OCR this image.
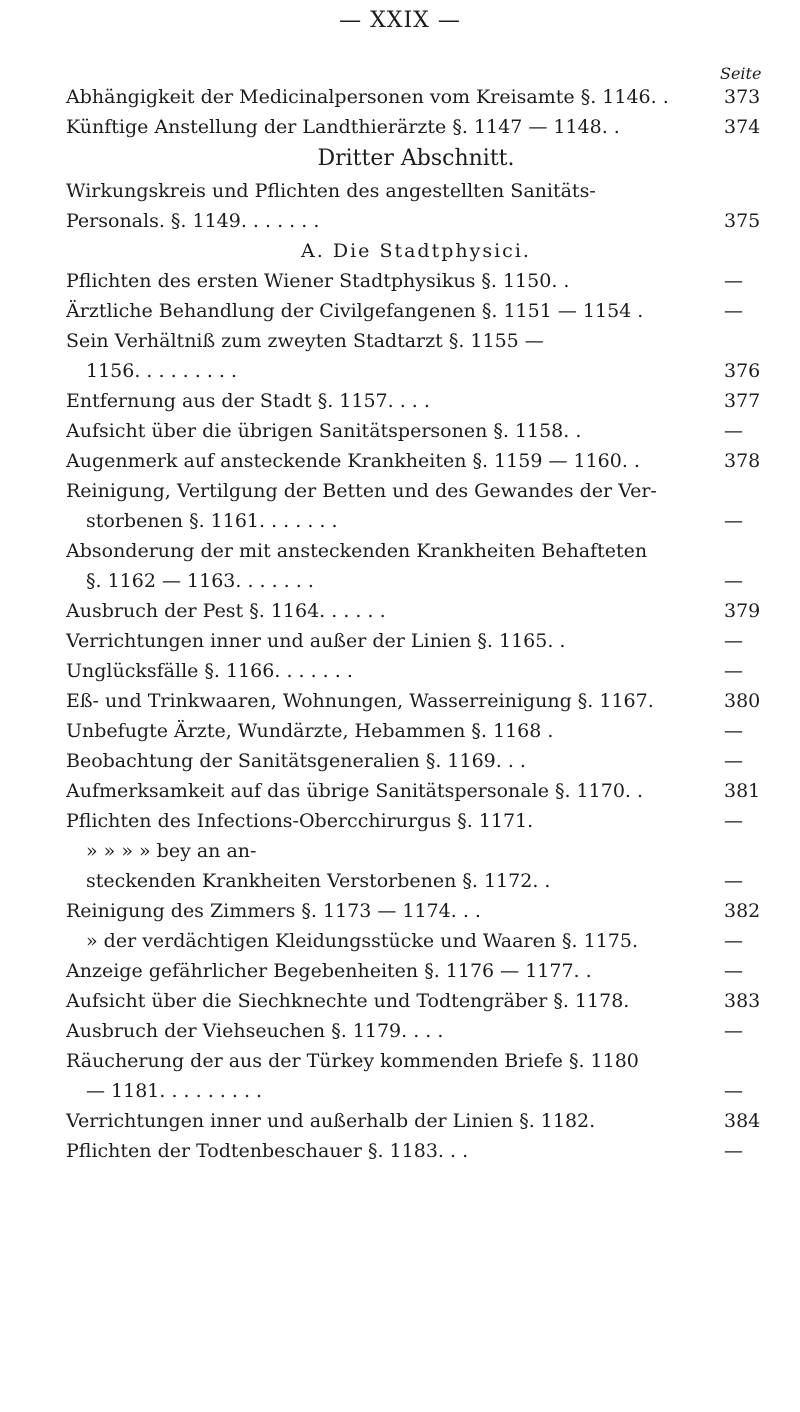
— XXIX —
Seite
Abhängigkeit der Medicinalpersonen vom Kreisamte §. 1146. .	373
Künftige Anstellung der Landthierärzte §. 1147 — 1148. .	374
Dritter Abschnitt.
Wirkungskreis und Pflichten des angestellten Sanitäts-
Personals. §. 1149. . . . . . .	375
A. Die Stadtphysici.
Pflichten des ersten Wiener Stadtphysikus §. 1150. .	—
Ärztliche Behandlung der Civilgefangenen §. 1151 — 1154 .	—
Sein Verhältniß zum zweyten Stadtarzt §. 1155 —
1156. . . . . . . . .	376
Entfernung aus der Stadt §. 1157. . . .	377
Aufsicht über die übrigen Sanitätspersonen §. 1158. .	—
Augenmerk auf ansteckende Krankheiten §. 1159 — 1160. .	378
Reinigung, Vertilgung der Betten und des Gewandes der Ver-
storbenen §. 1161. . . . . . .	—
Absonderung der mit ansteckenden Krankheiten Behafteten
§. 1162 — 1163. . . . . . .	—
Ausbruch der Pest §. 1164. . . . . .	379
Verrichtungen inner und außer der Linien §. 1165. .	—
Unglücksfälle §. 1166. . . . . . .	—
Eß- und Trinkwaaren, Wohnungen, Wasserreinigung §. 1167.	380
Unbefugte Ärzte, Wundärzte, Hebammen §. 1168 .	—
Beobachtung der Sanitätsgeneralien §. 1169. . .	—
Aufmerksamkeit auf das übrige Sanitätspersonale §. 1170. .	381
Pflichten des Infections-Obercchirurgus §. 1171.	—
» » » » bey an an-
steckenden Krankheiten Verstorbenen §. 1172. .	—
Reinigung des Zimmers §. 1173 — 1174. . .	382
» der verdächtigen Kleidungsstücke und Waaren §. 1175.	—
Anzeige gefährlicher Begebenheiten §. 1176 — 1177. .	—
Aufsicht über die Siechknechte und Todtengräber §. 1178.	383
Ausbruch der Viehseuchen §. 1179. . . .	—
Räucherung der aus der Türkey kommenden Briefe §. 1180
— 1181. . . . . . . . .	—
Verrichtungen inner und außerhalb der Linien §. 1182.	384
Pflichten der Todtenbeschauer §. 1183. . .	—
